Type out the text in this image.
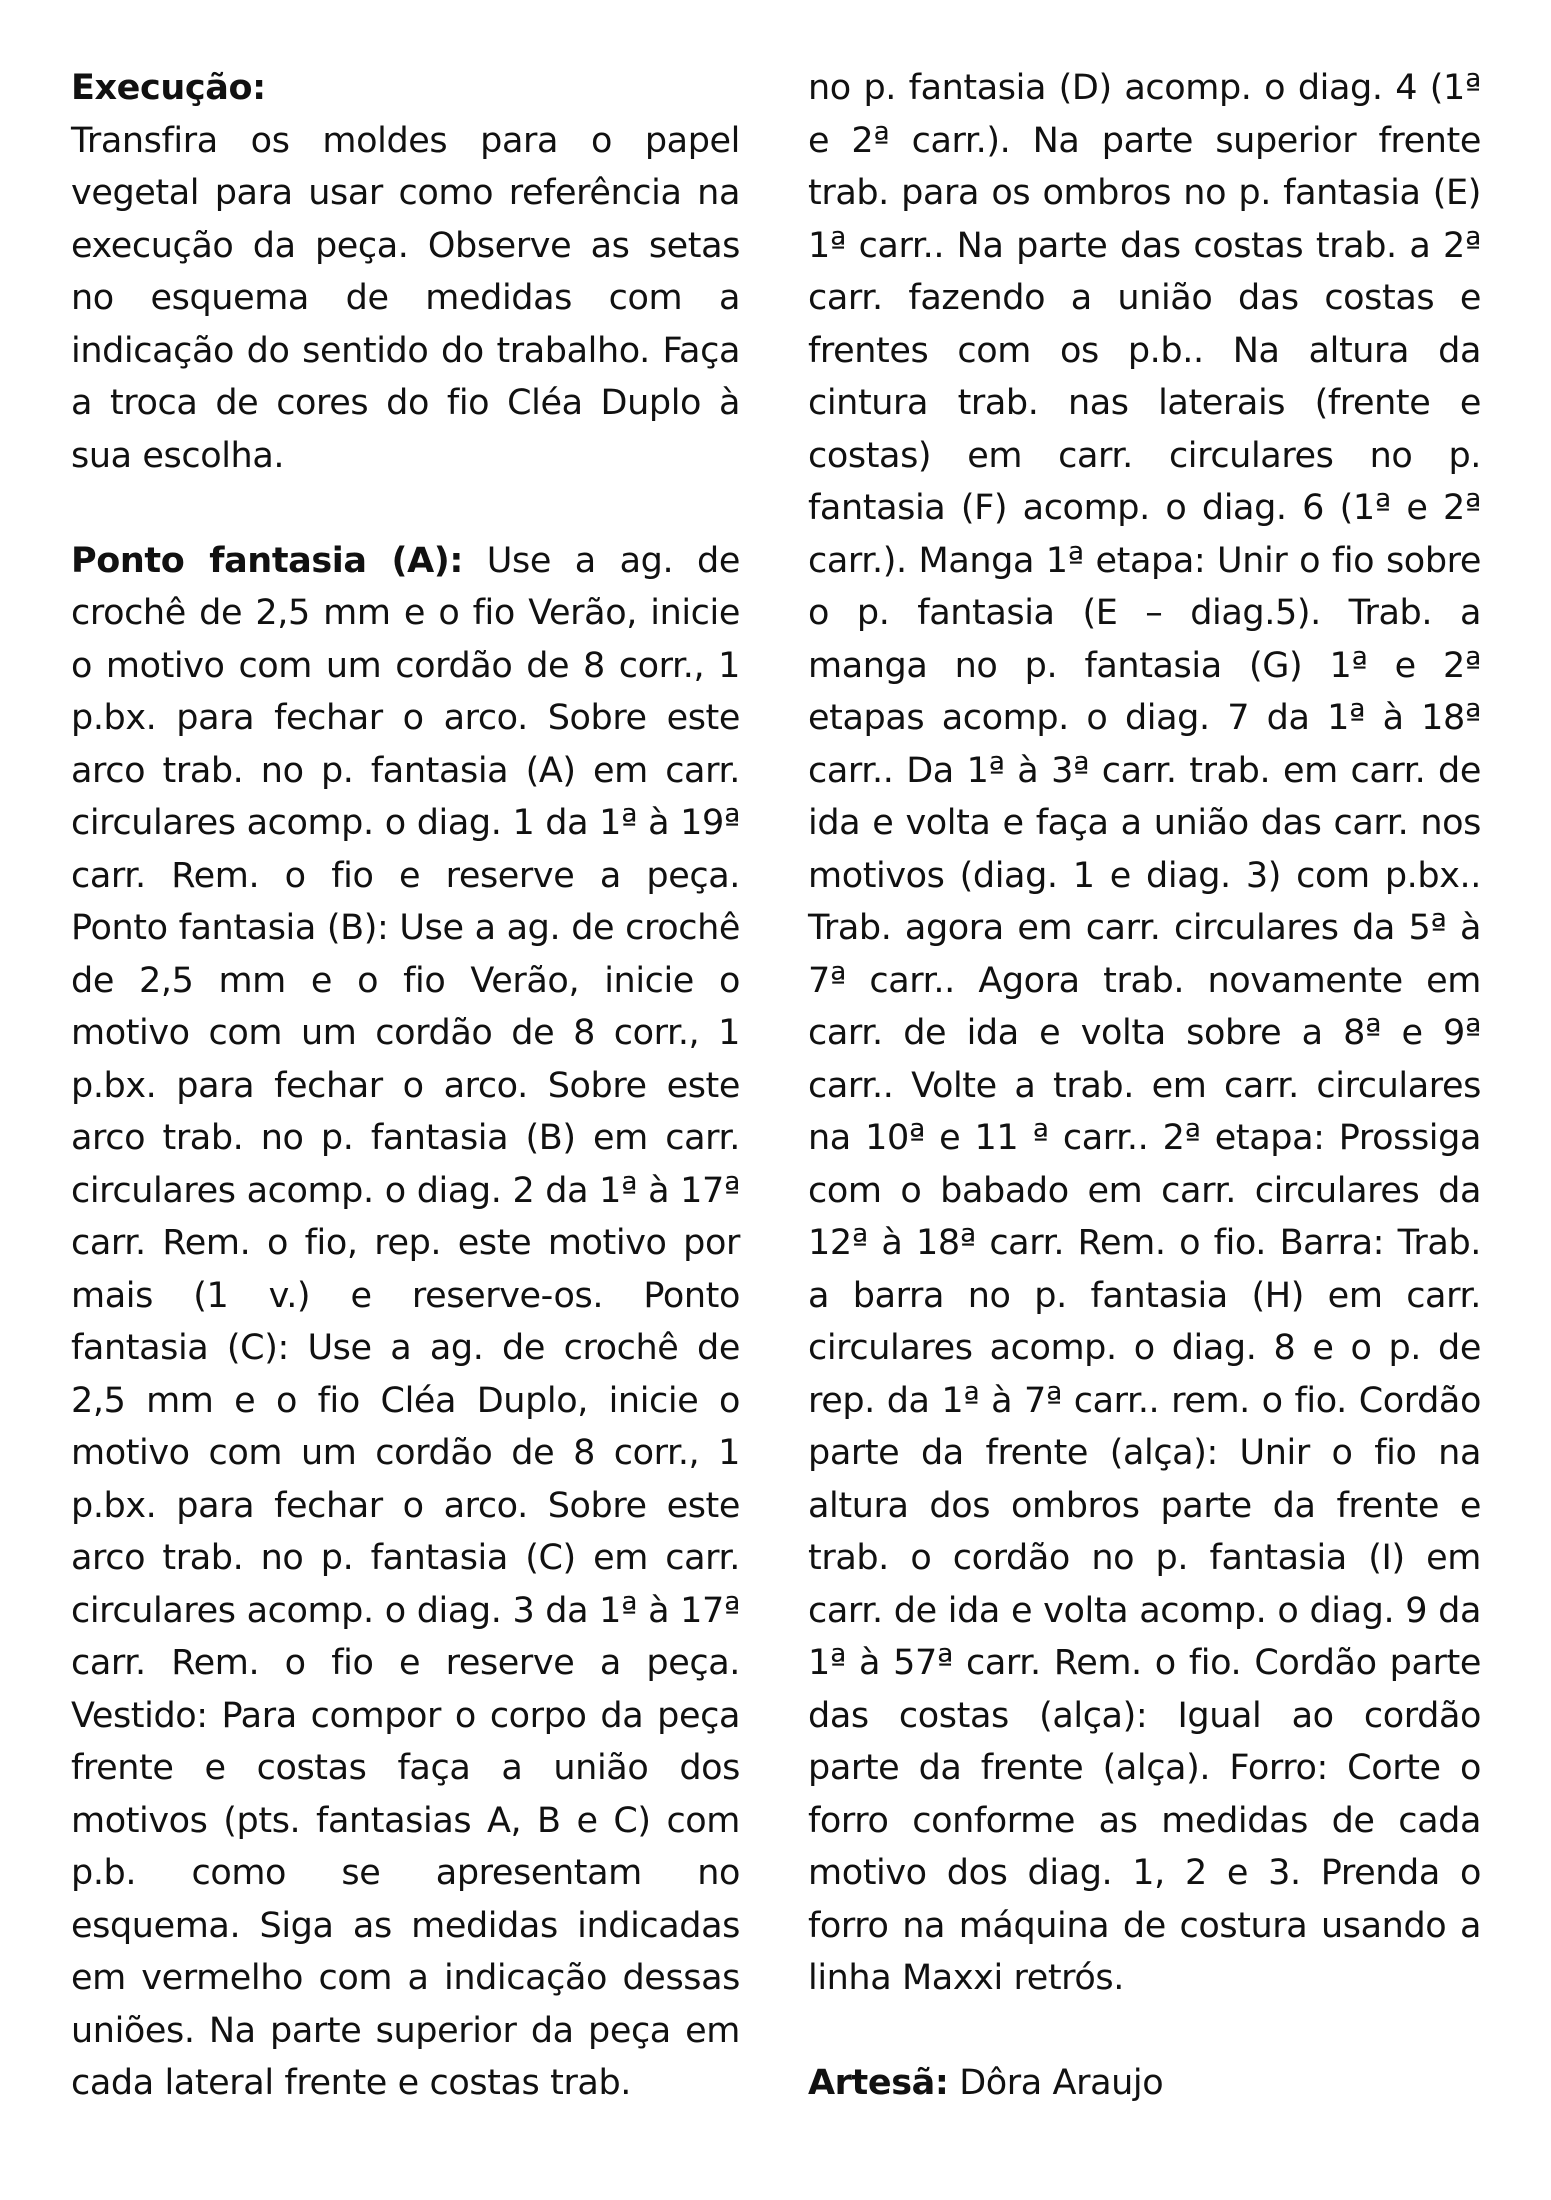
Execução:
Transfira os moldes para o papel vegetal para usar como referência na execução da peça. Observe as setas no esquema de medidas com a indicação do sentido do trabalho. Faça a troca de cores do fio Cléa Duplo à sua escolha.

Ponto fantasia (A): Use a ag. de crochê de 2,5 mm e o fio Verão, inicie o motivo com um cordão de 8 corr., 1 p.bx. para fechar o arco. Sobre este arco trab. no p. fantasia (A) em carr. circulares acomp. o diag. 1 da 1ª à 19ª carr. Rem. o fio e reserve a peça. Ponto fantasia (B): Use a ag. de crochê de 2,5 mm e o fio Verão, inicie o motivo com um cordão de 8 corr., 1 p.bx. para fechar o arco. Sobre este arco trab. no p. fantasia (B) em carr. circulares acomp. o diag. 2 da 1ª à 17ª carr. Rem. o fio, rep. este motivo por mais (1 v.) e reserve-os. Ponto fantasia (C): Use a ag. de crochê de 2,5 mm e o fio Cléa Duplo, inicie o motivo com um cordão de 8 corr., 1 p.bx. para fechar o arco. Sobre este arco trab. no p. fantasia (C) em carr. circulares acomp. o diag. 3 da 1ª à 17ª carr. Rem. o fio e reserve a peça. Vestido: Para compor o corpo da peça frente e costas faça a união dos motivos (pts. fantasias A, B e C) com p.b. como se apresentam no esquema. Siga as medidas indicadas em vermelho com a indicação dessas uniões. Na parte superior da peça em cada lateral frente e costas trab.

no p. fantasia (D) acomp. o diag. 4 (1ª e 2ª carr.). Na parte superior frente trab. para os ombros no p. fantasia (E) 1ª carr.. Na parte das costas trab. a 2ª carr. fazendo a união das costas e frentes com os p.b.. Na altura da cintura trab. nas laterais (frente e costas) em carr. circulares no p. fantasia (F) acomp. o diag. 6 (1ª e 2ª carr.). Manga 1ª etapa: Unir o fio sobre o p. fantasia (E – diag.5). Trab. a manga no p. fantasia (G) 1ª e 2ª etapas acomp. o diag. 7 da 1ª à 18ª carr.. Da 1ª à 3ª carr. trab. em carr. de ida e volta e faça a união das carr. nos motivos (diag. 1 e diag. 3) com p.bx.. Trab. agora em carr. circulares da 5ª à 7ª carr.. Agora trab. novamente em carr. de ida e volta sobre a 8ª e 9ª carr.. Volte a trab. em carr. circulares na 10ª e 11 ª carr.. 2ª etapa: Prossiga com o babado em carr. circulares da 12ª à 18ª carr. Rem. o fio. Barra: Trab. a barra no p. fantasia (H) em carr. circulares acomp. o diag. 8 e o p. de rep. da 1ª à 7ª carr.. rem. o fio. Cordão parte da frente (alça): Unir o fio na altura dos ombros parte da frente e trab. o cordão no p. fantasia (I) em carr. de ida e volta acomp. o diag. 9 da 1ª à 57ª carr. Rem. o fio. Cordão parte das costas (alça): Igual ao cordão parte da frente (alça). Forro: Corte o forro conforme as medidas de cada motivo dos diag. 1, 2 e 3. Prenda o forro na máquina de costura usando a linha Maxxi retrós.

Artesã: Dôra Araujo
